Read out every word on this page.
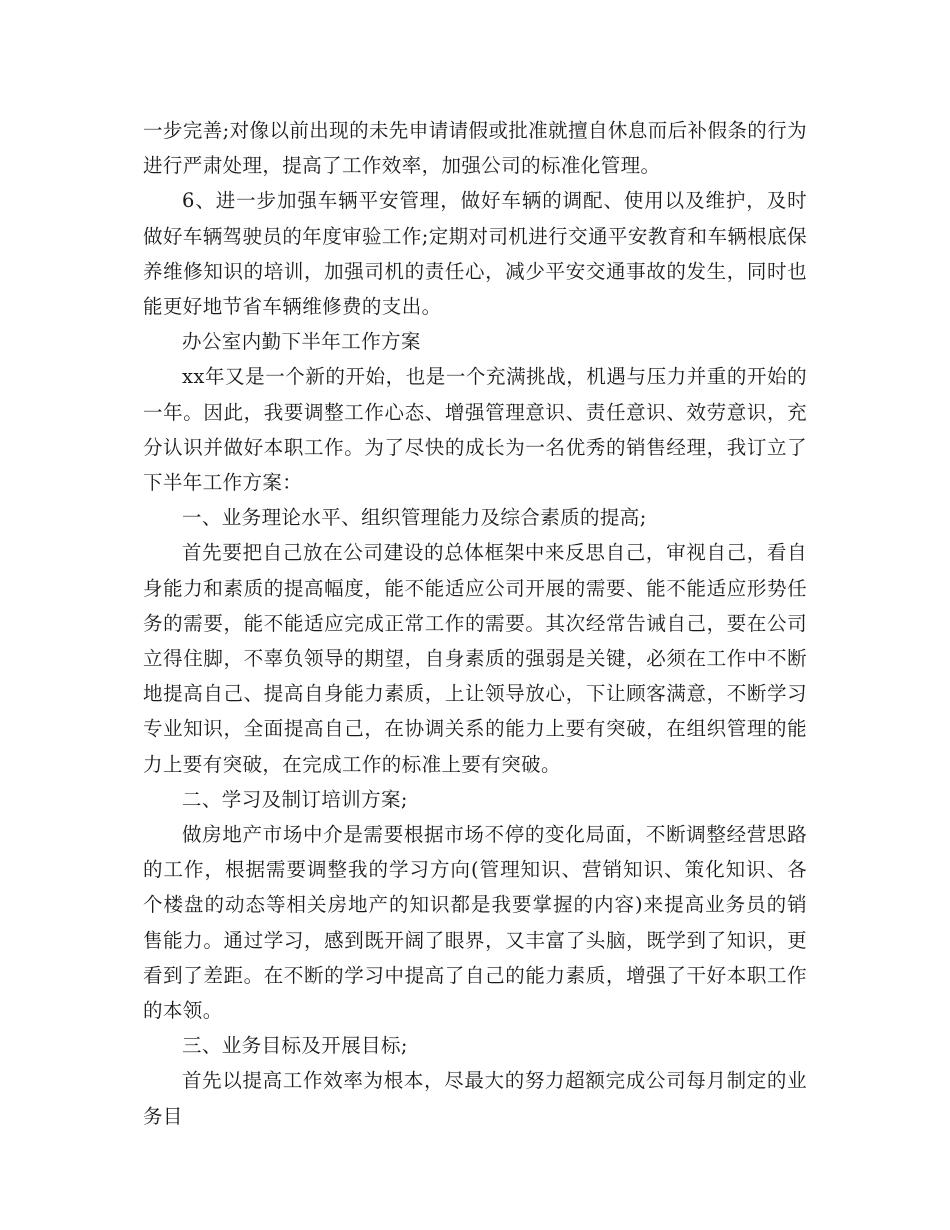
一步完善;对像以前出现的未先申请请假或批准就擅自休息而后补假条的行为进行严肃处理，提高了工作效率，加强公司的标准化管理。

6、进一步加强车辆平安管理，做好车辆的调配、使用以及维护，及时做好车辆驾驶员的年度审验工作;定期对司机进行交通平安教育和车辆根底保养维修知识的培训，加强司机的责任心，减少平安交通事故的发生，同时也能更好地节省车辆维修费的支出。

办公室内勤下半年工作方案

xx年又是一个新的开始，也是一个充满挑战，机遇与压力并重的开始的一年。因此，我要调整工作心态、增强管理意识、责任意识、效劳意识，充分认识并做好本职工作。为了尽快的成长为一名优秀的销售经理，我订立了下半年工作方案：

一、业务理论水平、组织管理能力及综合素质的提高;

首先要把自己放在公司建设的总体框架中来反思自己，审视自己，看自身能力和素质的提高幅度，能不能适应公司开展的需要、能不能适应形势任务的需要，能不能适应完成正常工作的需要。其次经常告诫自己，要在公司立得住脚，不辜负领导的期望，自身素质的强弱是关键，必须在工作中不断地提高自己、提高自身能力素质，上让领导放心，下让顾客满意，不断学习专业知识，全面提高自己，在协调关系的能力上要有突破，在组织管理的能力上要有突破，在完成工作的标准上要有突破。

二、学习及制订培训方案;

做房地产市场中介是需要根据市场不停的变化局面，不断调整经营思路的工作，根据需要调整我的学习方向(管理知识、营销知识、策化知识、各个楼盘的动态等相关房地产的知识都是我要掌握的内容)来提高业务员的销售能力。通过学习，感到既开阔了眼界，又丰富了头脑，既学到了知识，更看到了差距。在不断的学习中提高了自己的能力素质，增强了干好本职工作的本领。

三、业务目标及开展目标;

首先以提高工作效率为根本，尽最大的努力超额完成公司每月制定的业务目
